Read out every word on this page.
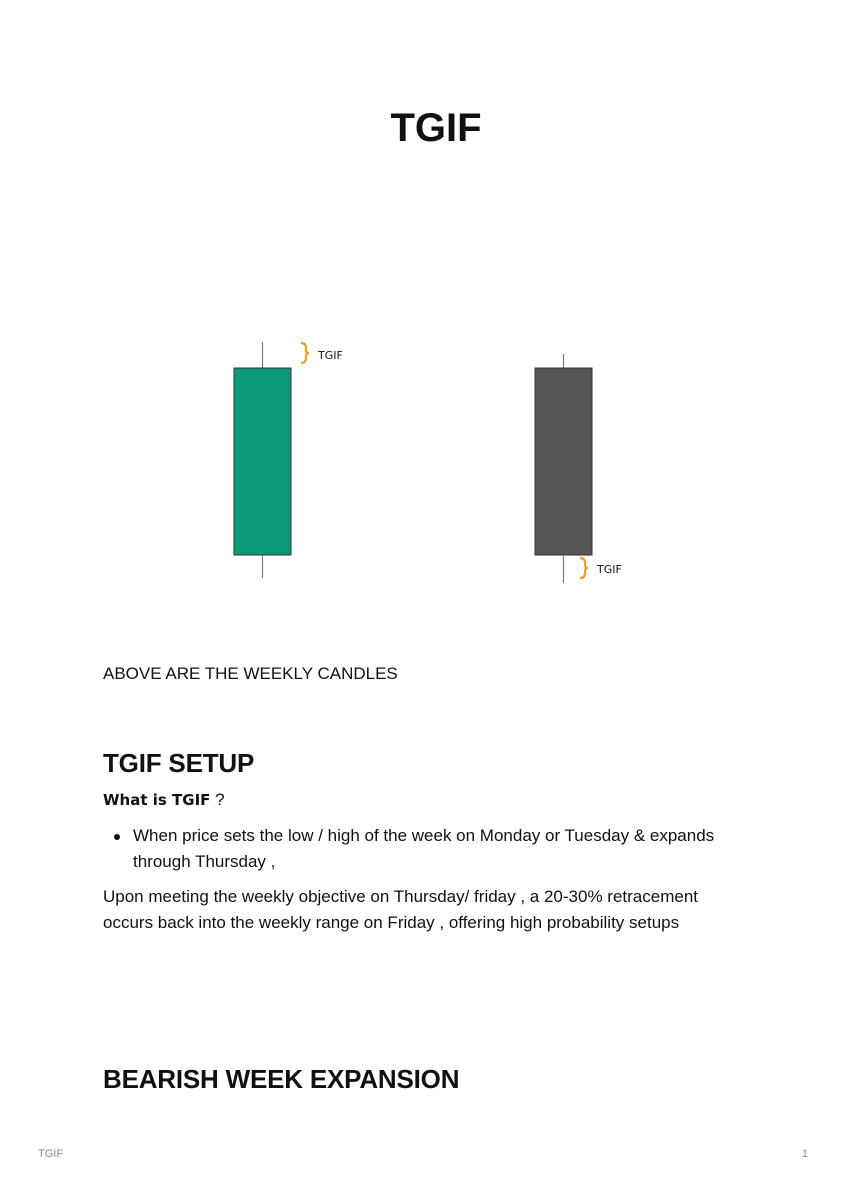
TGIF
TGIF
TGIF

ABOVE ARE THE WEEKLY CANDLES

TGIF SETUP

What is TGIF ?

When price sets the low / high of the week on Monday or Tuesday & expands through Thursday ,

Upon meeting the weekly objective on Thursday/ friday , a 20-30% retracement occurs back into the weekly range on Friday , offering high probability setups

BEARISH WEEK EXPANSION
TGIF	1
